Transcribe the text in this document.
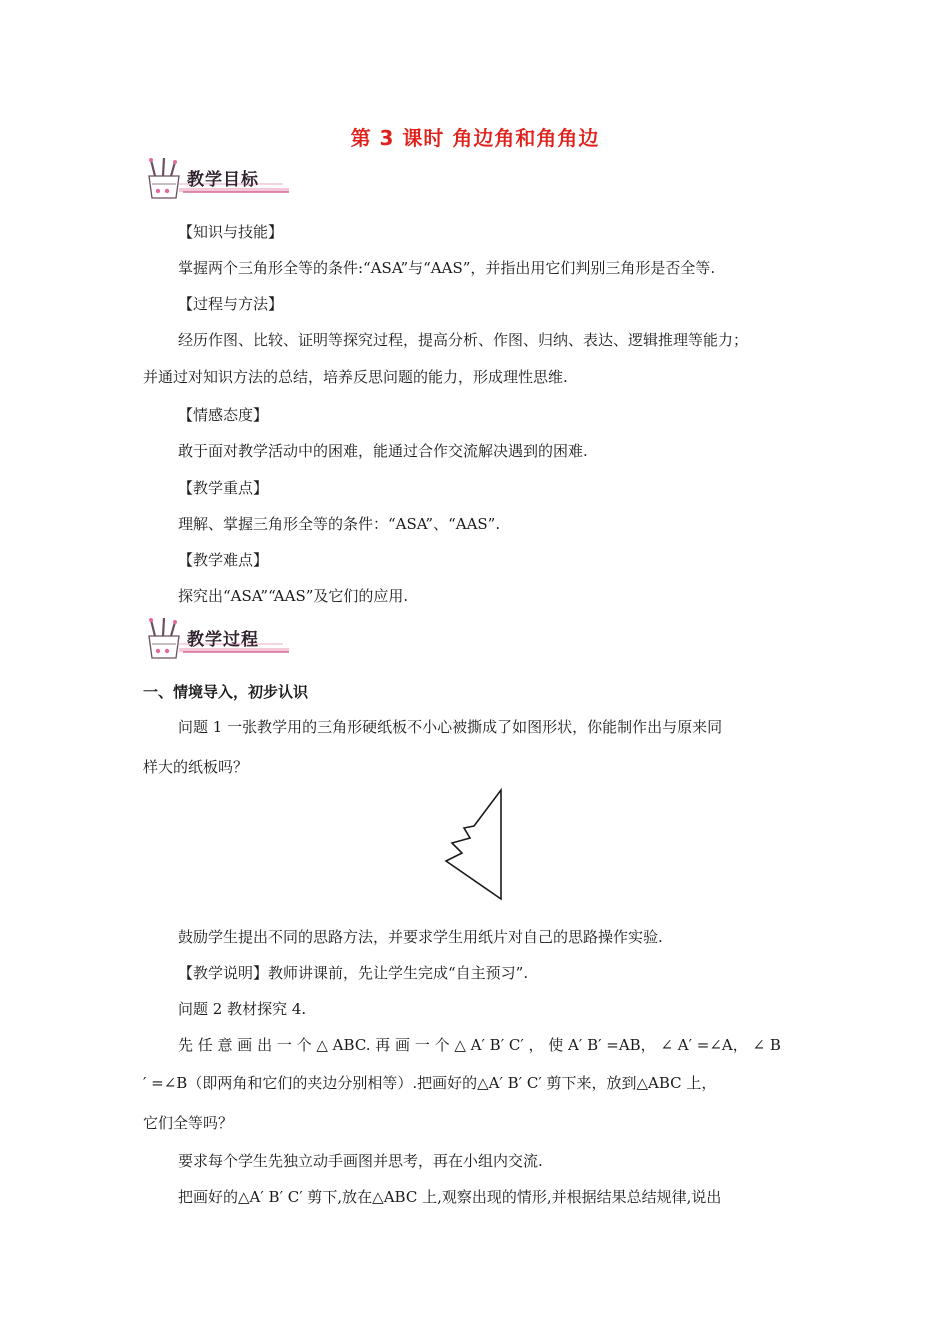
第 3 课时 角边角和角角边
教学目标
【知识与技能】
掌握两个三角形全等的条件:“ASA”与“AAS”，并指出用它们判别三角形是否全等.
【过程与方法】
经历作图、比较、证明等探究过程，提高分析、作图、归纳、表达、逻辑推理等能力；
并通过对知识方法的总结，培养反思问题的能力，形成理性思维.
【情感态度】
敢于面对教学活动中的困难，能通过合作交流解决遇到的困难.
【教学重点】
理解、掌握三角形全等的条件：“ASA”、“AAS”.
【教学难点】
探究出“ASA”“AAS”及它们的应用.
教学过程
一、情境导入，初步认识
问题 1 一张教学用的三角形硬纸板不小心被撕成了如图形状，你能制作出与原来同
样大的纸板吗？
鼓励学生提出不同的思路方法，并要求学生用纸片对自己的思路操作实验.
【教学说明】教师讲课前，先让学生完成“自主预习”.
问题 2 教材探究 4.
先 任 意 画 出 一 个 △ ABC. 再 画 一 个 △ A′ B′ C′ ， 使 A′ B′ =AB， ∠ A′ =∠A， ∠ B
′ =∠B（即两角和它们的夹边分别相等）.把画好的△A′ B′ C′ 剪下来，放到△ABC 上，
它们全等吗？
要求每个学生先独立动手画图并思考，再在小组内交流.
把画好的△A′ B′ C′ 剪下,放在△ABC 上,观察出现的情形,并根据结果总结规律,说出
